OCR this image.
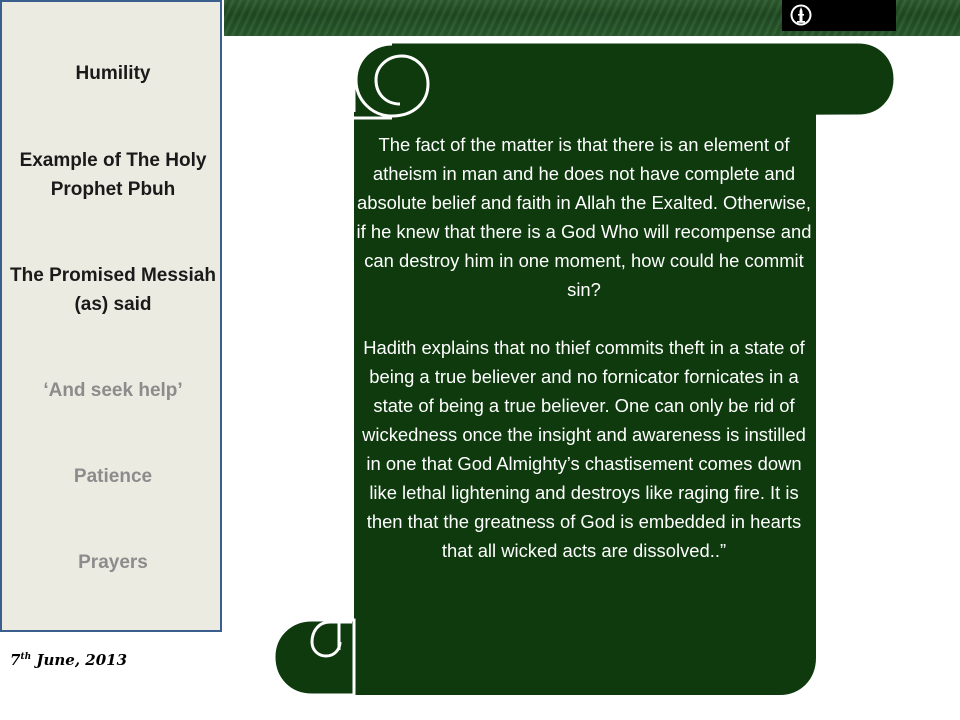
Humility
Example of The Holy Prophet Pbuh
The Promised Messiah (as) said
‘And seek help’
Patience
Prayers
7th June, 2013

The fact of the matter is that there is an element of atheism in man and he does not have complete and absolute belief and faith in Allah the Exalted. Otherwise, if he knew that there is a God Who will recompense and can destroy him in one moment, how could he commit sin?

Hadith explains that no thief commits theft in a state of being a true believer and no fornicator fornicates in a state of being a true believer. One can only be rid of wickedness once the insight and awareness is instilled in one that God Almighty’s chastisement comes down like lethal lightening and destroys like raging fire. It is then that the greatness of God is embedded in hearts that all wicked acts are dissolved..”
